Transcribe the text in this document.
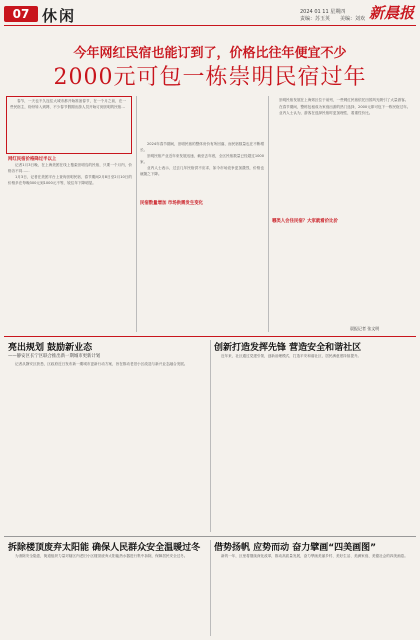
07 休闲	2024 01 11 星期四
责编：苏玉英 美编：刘欢 新晨报
今年网红民宿也能订到了，价格比往年便宜不少
2000元可包一栋崇明民宿过年

春节，一天也不久连住大城市都开始准备春节，在一个月之前，在一些民宿主，纷纷转入到网、不少春节假期出游人员开始订到崇明的民宿…

网红民宿价格降过半以上

记者1月3日晚，在上海美团在线上搜索崇明岛的民宿，只要一个月内，价格各不同……

1月3日，记者在美团平台上查询崇明民宿，春节期间2月8日至2月10日的价格多在每晚300元到1000元不等，较往年下降明显。

2024年春节期间，崇明民宿的整体房价有所回落，而民宿数量也在不断增长。

崇明民宿产业近年来发展迅速，截至去年底，全区民宿数量已经超过1000家。

业内人士表示，过去几年民宿供不应求，如今市场竞争更加激烈，价格也就随之下降。

民宿数量增加 市场供需发生变化

崇明民宿发展在上海郊区位于前列，一些网红民宿依托田园风光吸引了大量游客。

在春节期间，整栋包租成为家庭出游的热门选择，2000元即可包下一栋民宿过年。

业内人士认为，游客在选择民宿时更加理性，看重性价比。

哪类人会住民宿？大家就看价比价
晨报记者 张文明
亮出规划 鼓励新业态
——静安区长宁区联合推出新一期城市更新计划

记者从静安区获悉，区政府近日发布新一期城市更新行动方案，旨在推动老旧小区改造与新兴业态融合发展。

创新打造发挥先锋 营造安全和谐社区

近年来，社区通过党建引领，创新治理模式，打造平安和谐社区，居民满意度持续提升。

拆除楼顶废弃太阳能 确保人民群众安全温暖过冬

为消除安全隐患，街道组织力量对辖区内老旧小区楼顶废弃太阳能热水器进行集中拆除，保障居民安全过冬。

借势扬帆 应势而动 奋力擘画“四美画图”

新的一年，区里将继续深化改革，推动高质量发展，奋力擘画美丽乡村、美好生活、美满家庭、美德社会的四美画卷。
